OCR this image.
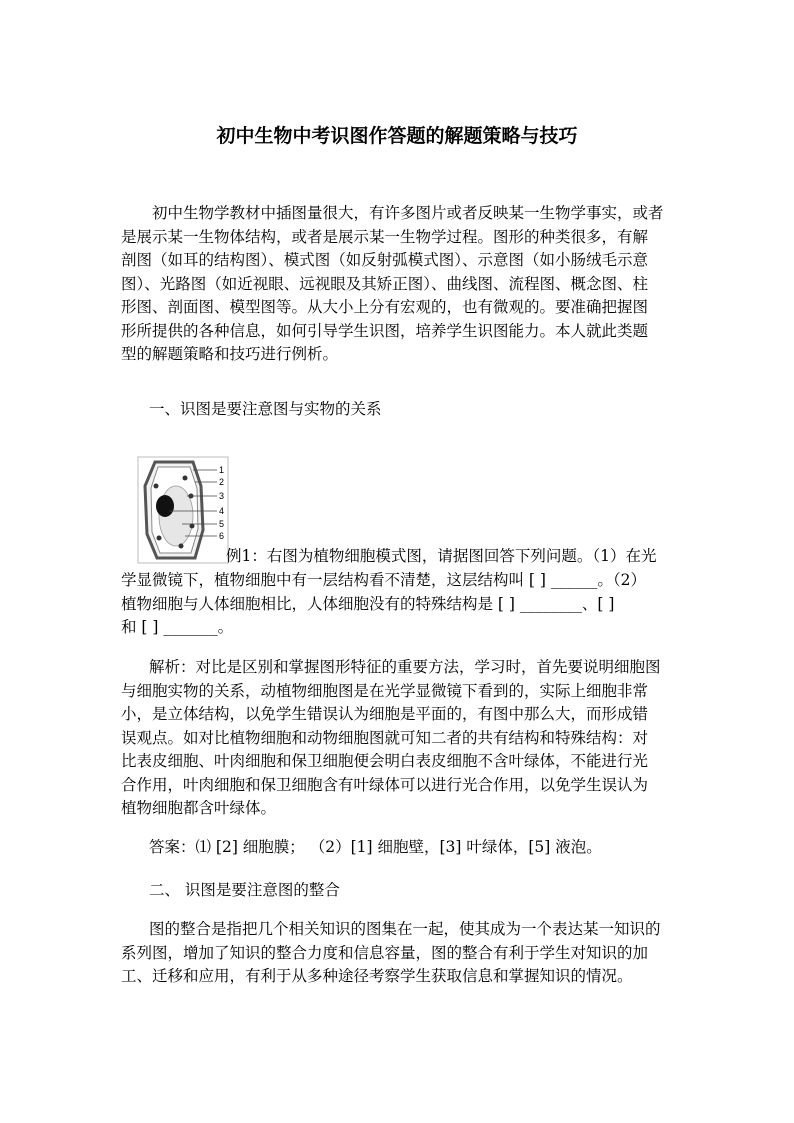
初中生物中考识图作答题的解题策略与技巧
初中生物学教材中插图量很大，有许多图片或者反映某一生物学事实，或者
是展示某一生物体结构，或者是展示某一生物学过程。图形的种类很多，有解
剖图（如耳的结构图）、模式图（如反射弧模式图）、示意图（如小肠绒毛示意
图）、光路图（如近视眼、远视眼及其矫正图）、曲线图、流程图、概念图、柱
形图、剖面图、模型图等。从大小上分有宏观的，也有微观的。要准确把握图
形所提供的各种信息，如何引导学生识图，培养学生识图能力。本人就此类题
型的解题策略和技巧进行例析。
一、识图是要注意图与实物的关系
1
2
3
4
5
6
例1：右图为植物细胞模式图，请据图回答下列问题。（1）在光
学显微镜下，植物细胞中有一层结构看不清楚，这层结构叫 [ ] ______。（2）
植物细胞与人体细胞相比，人体细胞没有的特殊结构是 [ ] ________、[ ]
和 [ ] _______。
解析：对比是区别和掌握图形特征的重要方法，学习时，首先要说明细胞图
与细胞实物的关系，动植物细胞图是在光学显微镜下看到的，实际上细胞非常
小，是立体结构，以免学生错误认为细胞是平面的，有图中那么大，而形成错
误观点。如对比植物细胞和动物细胞图就可知二者的共有结构和特殊结构：对
比表皮细胞、叶肉细胞和保卫细胞便会明白表皮细胞不含叶绿体，不能进行光
合作用，叶肉细胞和保卫细胞含有叶绿体可以进行光合作用，以免学生误认为
植物细胞都含叶绿体。
答案：⑴ [2] 细胞膜； （2）[1] 细胞壁，[3] 叶绿体，[5] 液泡。
二、 识图是要注意图的整合
图的整合是指把几个相关知识的图集在一起，使其成为一个表达某一知识的
系列图，增加了知识的整合力度和信息容量，图的整合有利于学生对知识的加
工、迁移和应用，有利于从多种途径考察学生获取信息和掌握知识的情况。
